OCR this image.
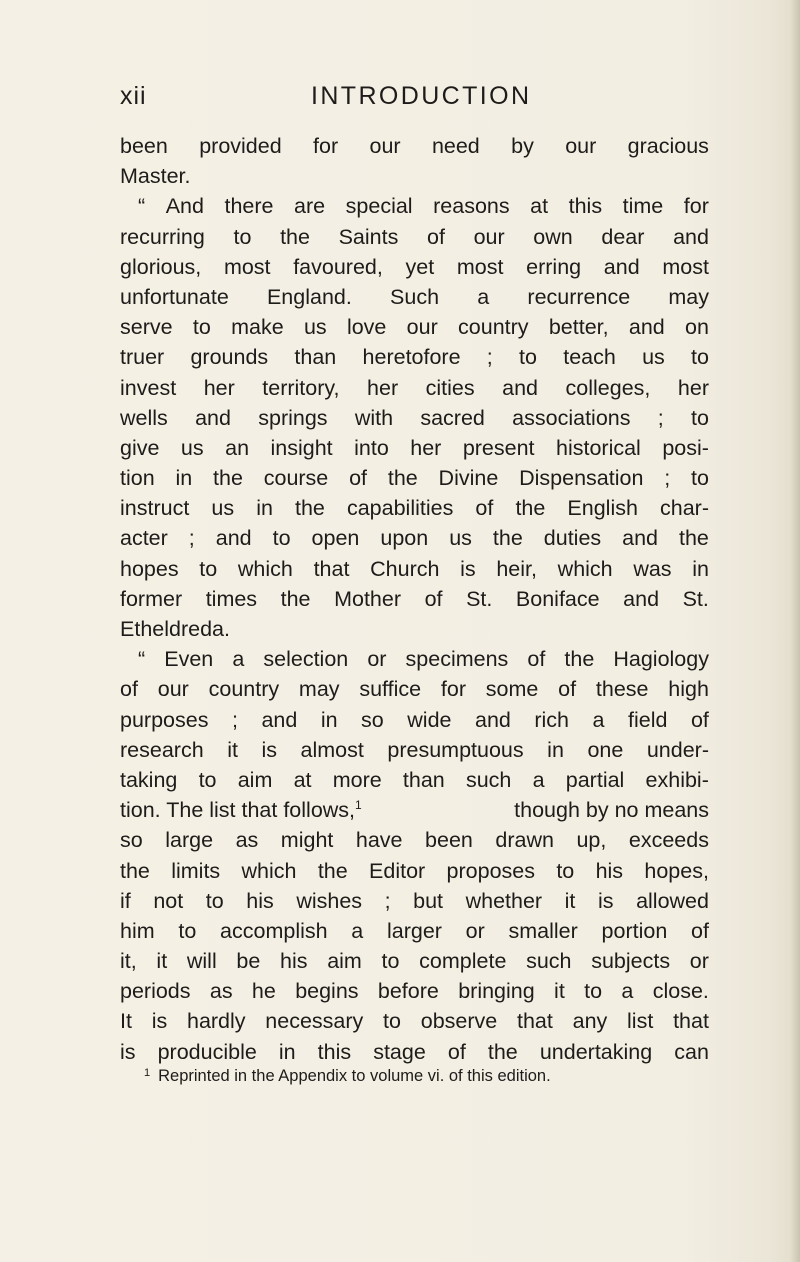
xii	INTRODUCTION
been provided for our need by our gracious
Master.
“ And there are special reasons at this time for
recurring to the Saints of our own dear and
glorious, most favoured, yet most erring and most
unfortunate England. Such a recurrence may
serve to make us love our country better, and on
truer grounds than heretofore ; to teach us to
invest her territory, her cities and colleges, her
wells and springs with sacred associations ; to
give us an insight into her present historical posi-
tion in the course of the Divine Dispensation ; to
instruct us in the capabilities of the English char-
acter ; and to open upon us the duties and the
hopes to which that Church is heir, which was in
former times the Mother of St. Boniface and St.
Etheldreda.
“ Even a selection or specimens of the Hagiology
of our country may suffice for some of these high
purposes ; and in so wide and rich a field of
research it is almost presumptuous in one under-
taking to aim at more than such a partial exhibi-
tion. The list that follows,$^1$	though by no means
so large as might have been drawn up, exceeds
the limits which the Editor proposes to his hopes,
if not to his wishes ; but whether it is allowed
him to accomplish a larger or smaller portion of
it, it will be his aim to complete such subjects or
periods as he begins before bringing it to a close.
It is hardly necessary to observe that any list that
is producible in this stage of the undertaking can
$^1$ Reprinted in the Appendix to volume vi. of this edition.
